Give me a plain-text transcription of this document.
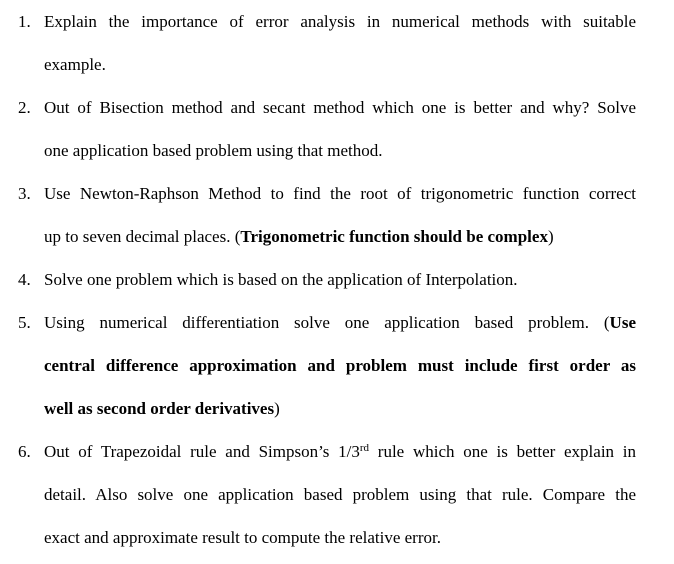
1. Explain the importance of error analysis in numerical methods with suitable
example.
2. Out of Bisection method and secant method which one is better and why? Solve
one application based problem using that method.
3. Use Newton-Raphson Method to find the root of trigonometric function correct
up to seven decimal places. (Trigonometric function should be complex)
4. Solve one problem which is based on the application of Interpolation.
5. Using numerical differentiation solve one application based problem. (Use
central difference approximation and problem must include first order as
well as second order derivatives)
6. Out of Trapezoidal rule and Simpson’s 1/3rd rule which one is better explain in
detail. Also solve one application based problem using that rule. Compare the
exact and approximate result to compute the relative error.
